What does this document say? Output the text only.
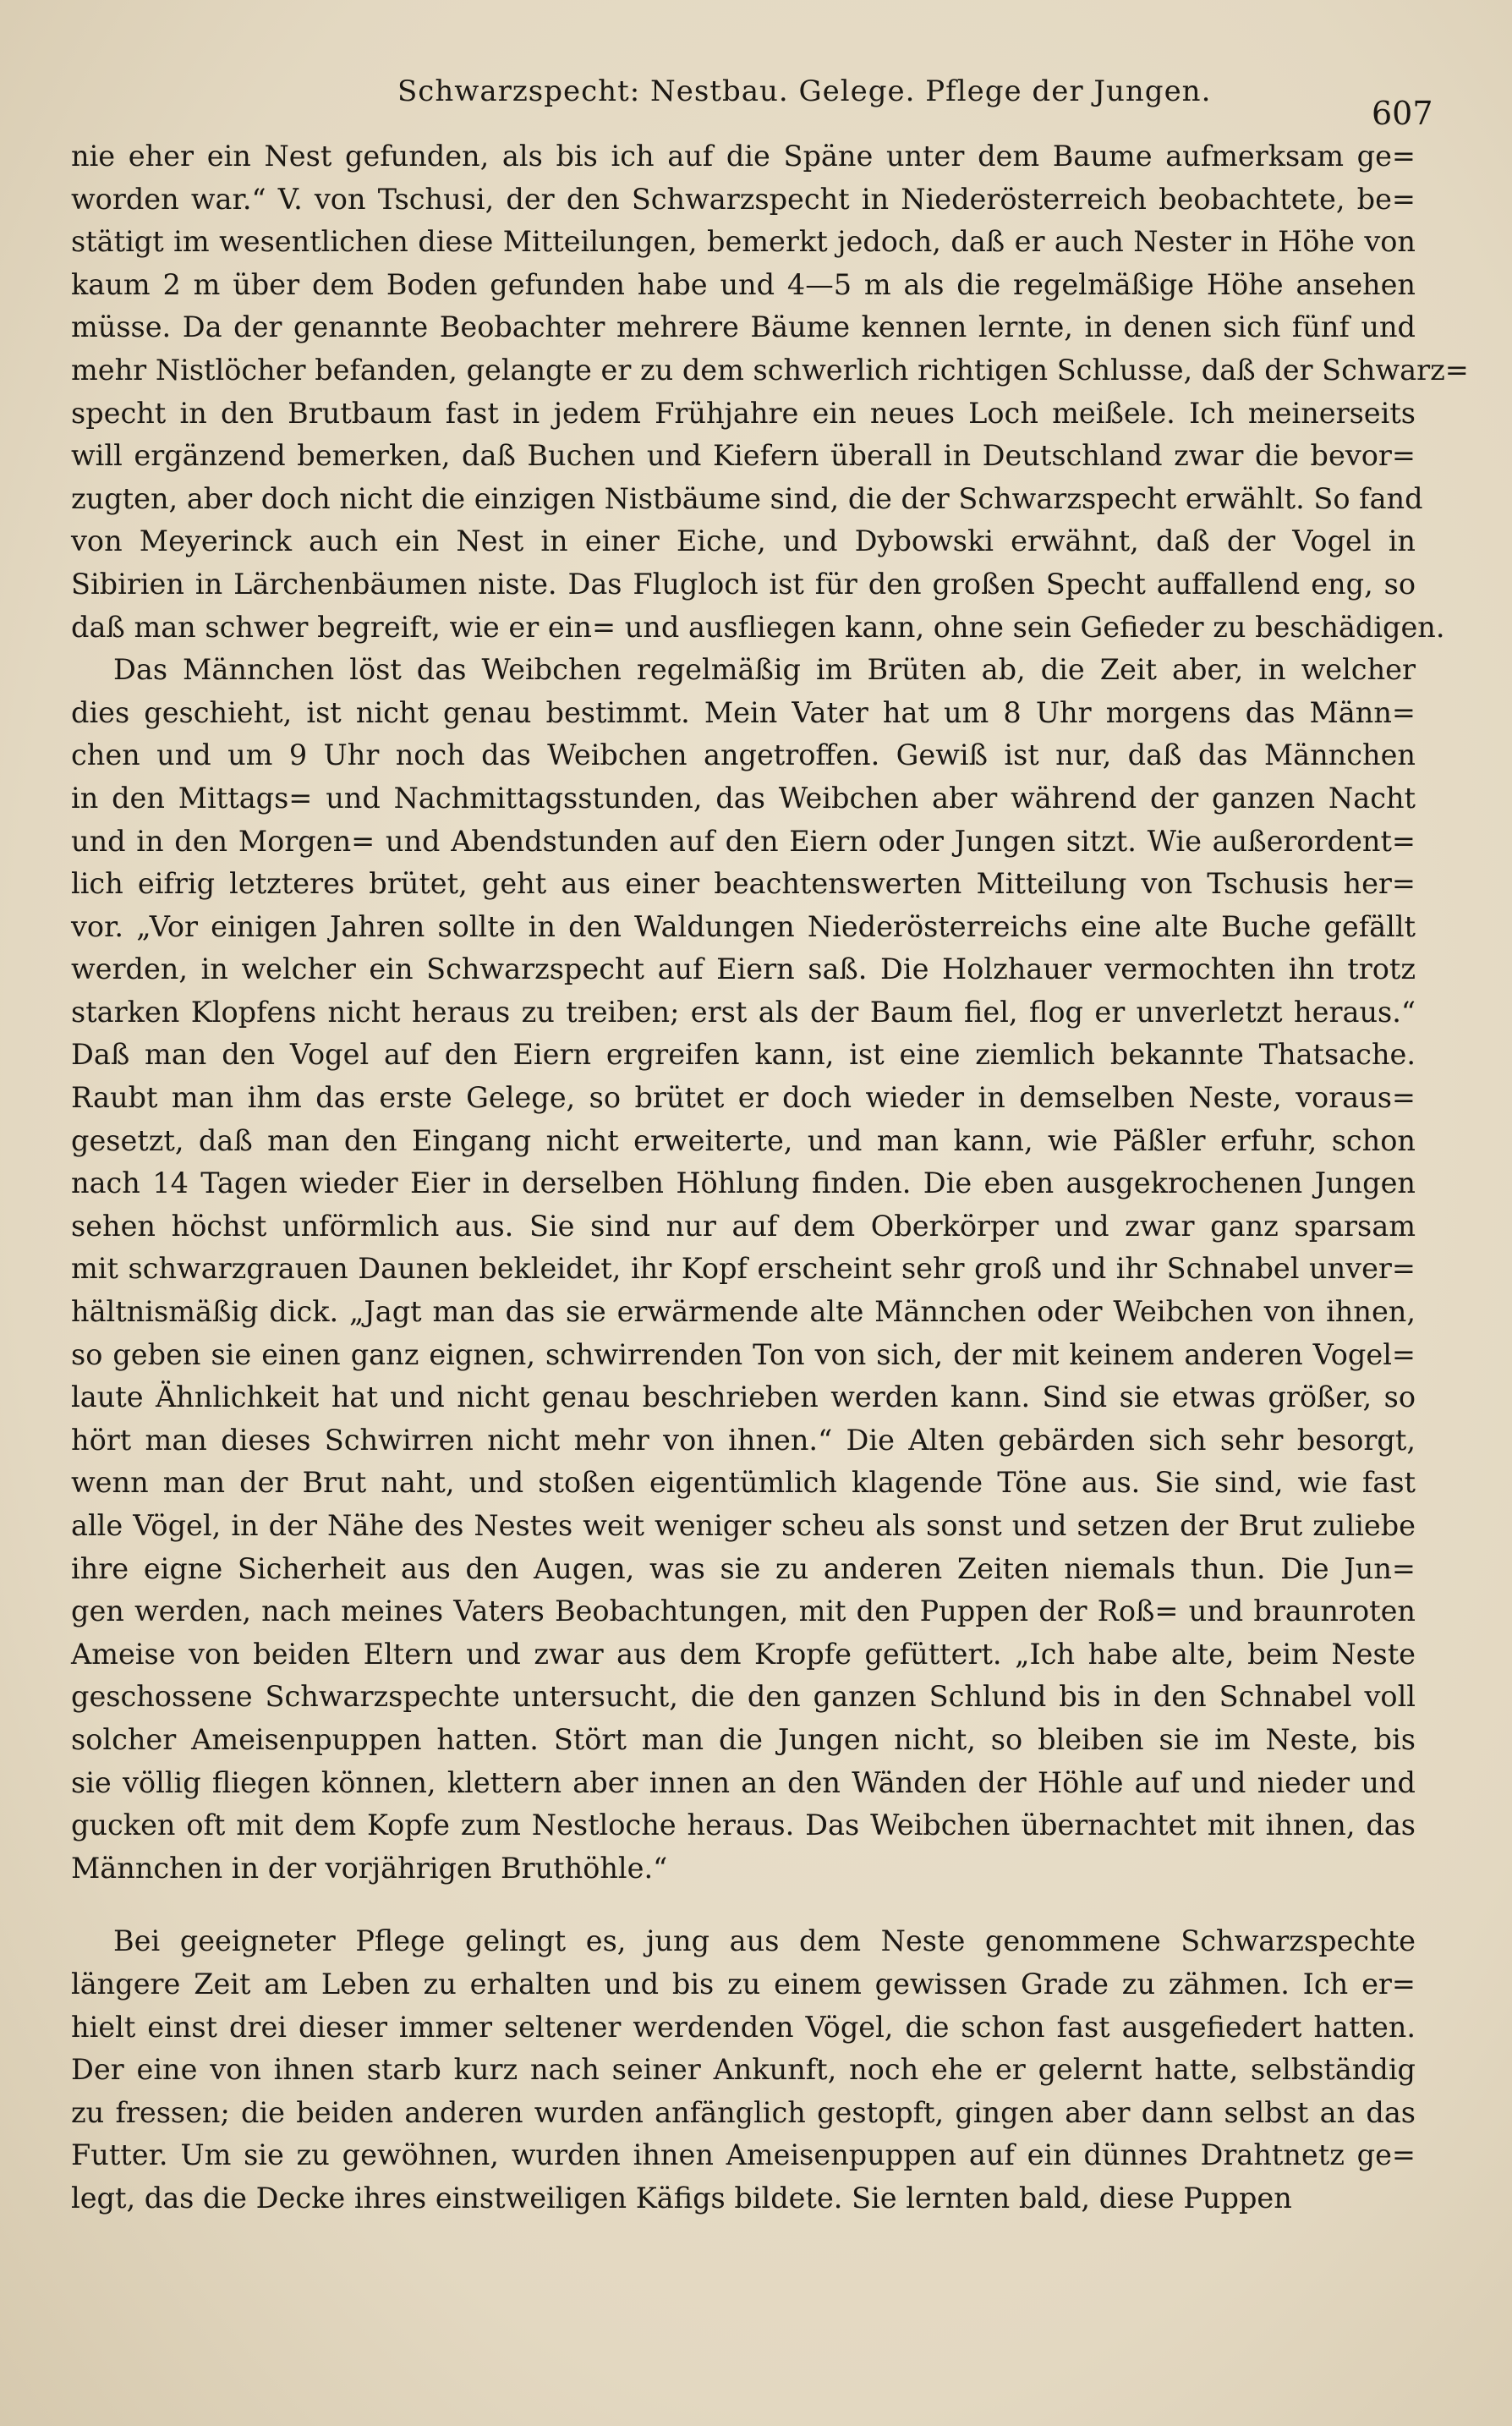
Schwarzspecht: Nestbau. Gelege. Pflege der Jungen.
607
nie eher ein Nest gefunden, als bis ich auf die Späne unter dem Baume aufmerksam ge=
worden war.“ V. von Tschusi, der den Schwarzspecht in Niederösterreich beobachtete, be=
stätigt im wesentlichen diese Mitteilungen, bemerkt jedoch, daß er auch Nester in Höhe von
kaum 2 m über dem Boden gefunden habe und 4—5 m als die regelmäßige Höhe ansehen
müsse. Da der genannte Beobachter mehrere Bäume kennen lernte, in denen sich fünf und
mehr Nistlöcher befanden, gelangte er zu dem schwerlich richtigen Schlusse, daß der Schwarz=
specht in den Brutbaum fast in jedem Frühjahre ein neues Loch meißele. Ich meinerseits
will ergänzend bemerken, daß Buchen und Kiefern überall in Deutschland zwar die bevor=
zugten, aber doch nicht die einzigen Nistbäume sind, die der Schwarzspecht erwählt. So fand
von Meyerinck auch ein Nest in einer Eiche, und Dybowski erwähnt, daß der Vogel in
Sibirien in Lärchenbäumen niste. Das Flugloch ist für den großen Specht auffallend eng, so
daß man schwer begreift, wie er ein= und ausfliegen kann, ohne sein Gefieder zu beschädigen.
Das Männchen löst das Weibchen regelmäßig im Brüten ab, die Zeit aber, in welcher
dies geschieht, ist nicht genau bestimmt. Mein Vater hat um 8 Uhr morgens das Männ=
chen und um 9 Uhr noch das Weibchen angetroffen. Gewiß ist nur, daß das Männchen
in den Mittags= und Nachmittagsstunden, das Weibchen aber während der ganzen Nacht
und in den Morgen= und Abendstunden auf den Eiern oder Jungen sitzt. Wie außerordent=
lich eifrig letzteres brütet, geht aus einer beachtenswerten Mitteilung von Tschusis her=
vor. „Vor einigen Jahren sollte in den Waldungen Niederösterreichs eine alte Buche gefällt
werden, in welcher ein Schwarzspecht auf Eiern saß. Die Holzhauer vermochten ihn trotz
starken Klopfens nicht heraus zu treiben; erst als der Baum fiel, flog er unverletzt heraus.“
Daß man den Vogel auf den Eiern ergreifen kann, ist eine ziemlich bekannte Thatsache.
Raubt man ihm das erste Gelege, so brütet er doch wieder in demselben Neste, voraus=
gesetzt, daß man den Eingang nicht erweiterte, und man kann, wie Päßler erfuhr, schon
nach 14 Tagen wieder Eier in derselben Höhlung finden. Die eben ausgekrochenen Jungen
sehen höchst unförmlich aus. Sie sind nur auf dem Oberkörper und zwar ganz sparsam
mit schwarzgrauen Daunen bekleidet, ihr Kopf erscheint sehr groß und ihr Schnabel unver=
hältnismäßig dick. „Jagt man das sie erwärmende alte Männchen oder Weibchen von ihnen,
so geben sie einen ganz eignen, schwirrenden Ton von sich, der mit keinem anderen Vogel=
laute Ähnlichkeit hat und nicht genau beschrieben werden kann. Sind sie etwas größer, so
hört man dieses Schwirren nicht mehr von ihnen.“ Die Alten gebärden sich sehr besorgt,
wenn man der Brut naht, und stoßen eigentümlich klagende Töne aus. Sie sind, wie fast
alle Vögel, in der Nähe des Nestes weit weniger scheu als sonst und setzen der Brut zuliebe
ihre eigne Sicherheit aus den Augen, was sie zu anderen Zeiten niemals thun. Die Jun=
gen werden, nach meines Vaters Beobachtungen, mit den Puppen der Roß= und braunroten
Ameise von beiden Eltern und zwar aus dem Kropfe gefüttert. „Ich habe alte, beim Neste
geschossene Schwarzspechte untersucht, die den ganzen Schlund bis in den Schnabel voll
solcher Ameisenpuppen hatten. Stört man die Jungen nicht, so bleiben sie im Neste, bis
sie völlig fliegen können, klettern aber innen an den Wänden der Höhle auf und nieder und
gucken oft mit dem Kopfe zum Nestloche heraus. Das Weibchen übernachtet mit ihnen, das
Männchen in der vorjährigen Bruthöhle.“
Bei geeigneter Pflege gelingt es, jung aus dem Neste genommene Schwarzspechte
längere Zeit am Leben zu erhalten und bis zu einem gewissen Grade zu zähmen. Ich er=
hielt einst drei dieser immer seltener werdenden Vögel, die schon fast ausgefiedert hatten.
Der eine von ihnen starb kurz nach seiner Ankunft, noch ehe er gelernt hatte, selbständig
zu fressen; die beiden anderen wurden anfänglich gestopft, gingen aber dann selbst an das
Futter. Um sie zu gewöhnen, wurden ihnen Ameisenpuppen auf ein dünnes Drahtnetz ge=
legt, das die Decke ihres einstweiligen Käfigs bildete. Sie lernten bald, diese Puppen
